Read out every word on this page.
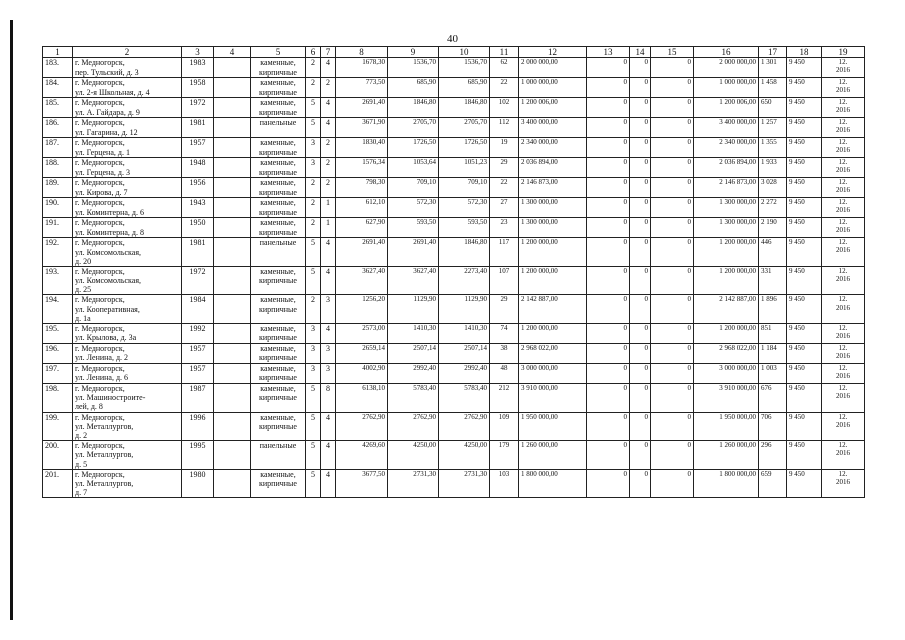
40
1	2	3	4	5	6	7	8	9	10	11	12	13	14	15	16	17	18	19
183.	г. Медногорск,
пер. Тульский, д. 3	1983		каменные,
кирпичные	2	4	1678,30	1536,70	1536,70	62	2 000 000,00	0	0	0	2 000 000,00	1 301	9 450	12.
2016

184.	г. Медногорск,
ул. 2-я Школьная, д. 4	1958		каменные,
кирпичные	2	2	773,50	685,90	685,90	22	1 000 000,00	0	0	0	1 000 000,00	1 458	9 450	12.
2016

185.	г. Медногорск,
ул. А. Гайдара, д. 9	1972		каменные,
кирпичные	5	4	2691,40	1846,80	1846,80	102	1 200 006,00	0	0	0	1 200 006,00	650	9 450	12.
2016

186.	г. Медногорск,
ул. Гагарина, д. 12	1981		панельные	5	4	3671,90	2705,70	2705,70	112	3 400 000,00	0	0	0	3 400 000,00	1 257	9 450	12.
2016

187.	г. Медногорск,
ул. Герцена, д. 1	1957		каменные,
кирпичные	3	2	1830,40	1726,50	1726,50	19	2 340 000,00	0	0	0	2 340 000,00	1 355	9 450	12.
2016

188.	г. Медногорск,
ул. Герцена, д. 3	1948		каменные,
кирпичные	3	2	1576,34	1053,64	1051,23	29	2 036 894,00	0	0	0	2 036 894,00	1 933	9 450	12.
2016

189.	г. Медногорск,
ул. Кирова, д. 7	1956		каменные,
кирпичные	2	2	798,30	709,10	709,10	22	2 146 873,00	0	0	0	2 146 873,00	3 028	9 450	12.
2016

190.	г. Медногорск,
ул. Коминтерна, д. 6	1943		каменные,
кирпичные	2	1	612,10	572,30	572,30	27	1 300 000,00	0	0	0	1 300 000,00	2 272	9 450	12.
2016

191.	г. Медногорск,
ул. Коминтерна, д. 8	1950		каменные,
кирпичные	2	1	627,90	593,50	593,50	23	1 300 000,00	0	0	0	1 300 000,00	2 190	9 450	12.
2016

192.	г. Медногорск,
ул. Комсомольская,
д. 20	1981		панельные	5	4	2691,40	2691,40	1846,80	117	1 200 000,00	0	0	0	1 200 000,00	446	9 450	12.
2016

193.	г. Медногорск,
ул. Комсомольская,
д. 25	1972		каменные,
кирпичные	5	4	3627,40	3627,40	2273,40	107	1 200 000,00	0	0	0	1 200 000,00	331	9 450	12.
2016

194.	г. Медногорск,
ул. Кооперативная,
д. 1а	1984		каменные,
кирпичные	2	3	1256,20	1129,90	1129,90	29	2 142 887,00	0	0	0	2 142 887,00	1 896	9 450	12.
2016

195.	г. Медногорск,
ул. Крылова, д. 3а	1992		каменные,
кирпичные	3	4	2573,00	1410,30	1410,30	74	1 200 000,00	0	0	0	1 200 000,00	851	9 450	12.
2016

196.	г. Медногорск,
ул. Ленина, д. 2	1957		каменные,
кирпичные	3	3	2659,14	2507,14	2507,14	38	2 968 022,00	0	0	0	2 968 022,00	1 184	9 450	12.
2016

197.	г. Медногорск,
ул. Ленина, д. 6	1957		каменные,
кирпичные	3	3	4002,90	2992,40	2992,40	48	3 000 000,00	0	0	0	3 000 000,00	1 003	9 450	12.
2016

198.	г. Медногорск,
ул. Машиностроите-
лей, д. 8	1987		каменные,
кирпичные	5	8	6138,10	5783,40	5783,40	212	3 910 000,00	0	0	0	3 910 000,00	676	9 450	12.
2016

199.	г. Медногорск,
ул. Металлургов,
д. 2	1996		каменные,
кирпичные	5	4	2762,90	2762,90	2762,90	109	1 950 000,00	0	0	0	1 950 000,00	706	9 450	12.
2016

200.	г. Медногорск,
ул. Металлургов,
д. 5	1995		панельные	5	4	4269,60	4250,00	4250,00	179	1 260 000,00	0	0	0	1 260 000,00	296	9 450	12.
2016

201.	г. Медногорск,
ул. Металлургов,
д. 7	1980		каменные,
кирпичные	5	4	3677,50	2731,30	2731,30	103	1 800 000,00	0	0	0	1 800 000,00	659	9 450	12.
2016
